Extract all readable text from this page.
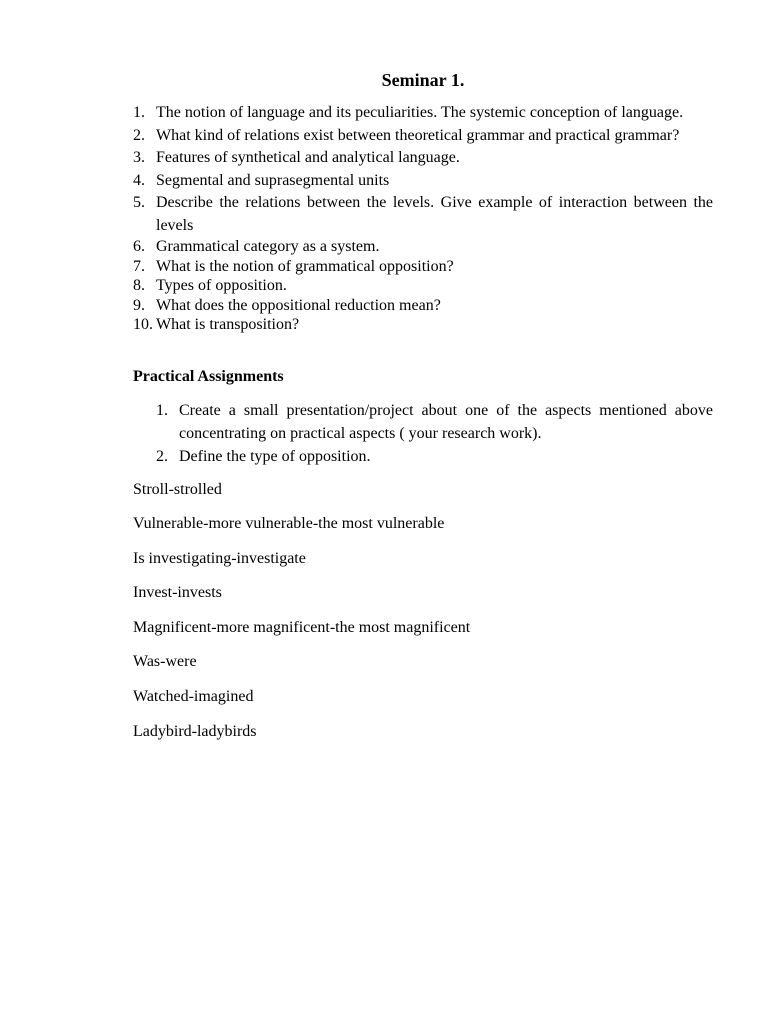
Seminar 1.
1. The notion of language and its peculiarities. The systemic conception of language.
2. What kind of relations exist between theoretical grammar and practical grammar?
3. Features of synthetical and analytical language.
4. Segmental and suprasegmental units
5. Describe the relations between the levels. Give example of interaction between the levels
6. Grammatical category as a system.
7. What is the notion of grammatical opposition?
8. Types of opposition.
9. What does the oppositional reduction mean?
10. What is transposition?
Practical Assignments
1. Create a small presentation/project about one of the aspects mentioned above concentrating on practical aspects ( your research work).
2. Define the type of opposition.

Stroll-strolled

Vulnerable-more vulnerable-the most vulnerable

Is investigating-investigate

Invest-invests

Magnificent-more magnificent-the most magnificent

Was-were

Watched-imagined

Ladybird-ladybirds
